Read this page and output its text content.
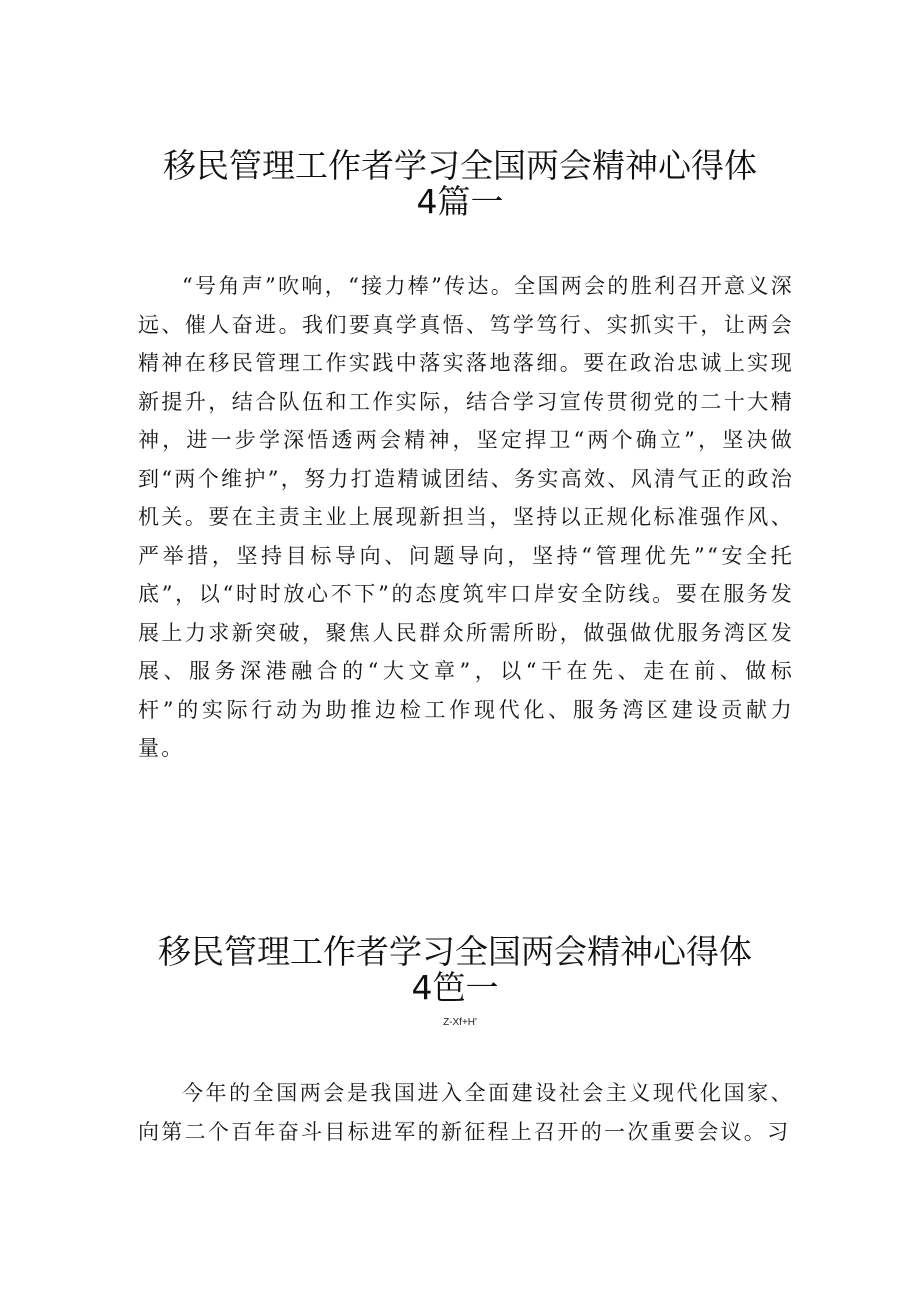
移民管理工作者学习全国两会精神心得体
4篇一

“号角声”吹响，“接力棒”传达。全国两会的胜利召开意义深远、催人奋进。我们要真学真悟、笃学笃行、实抓实干，让两会精神在移民管理工作实践中落实落地落细。要在政治忠诚上实现新提升，结合队伍和工作实际，结合学习宣传贯彻党的二十大精神，进一步学深悟透两会精神，坚定捍卫“两个确立”，坚决做到“两个维护”，努力打造精诚团结、务实高效、风清气正的政治机关。要在主责主业上展现新担当，坚持以正规化标准强作风、严举措，坚持目标导向、问题导向，坚持“管理优先”“安全托底”，以“时时放心不下”的态度筑牢口岸安全防线。要在服务发展上力求新突破，聚焦人民群众所需所盼，做强做优服务湾区发展、服务深港融合的“大文章”，以“干在先、走在前、做标杆”的实际行动为助推边检工作现代化、服务湾区建设贡献力量。

移民管理工作者学习全国两会精神心得体
4笆一
Z-Xf+H'

今年的全国两会是我国进入全面建设社会主义现代化国家、向第二个百年奋斗目标进军的新征程上召开的一次重要会议。习
